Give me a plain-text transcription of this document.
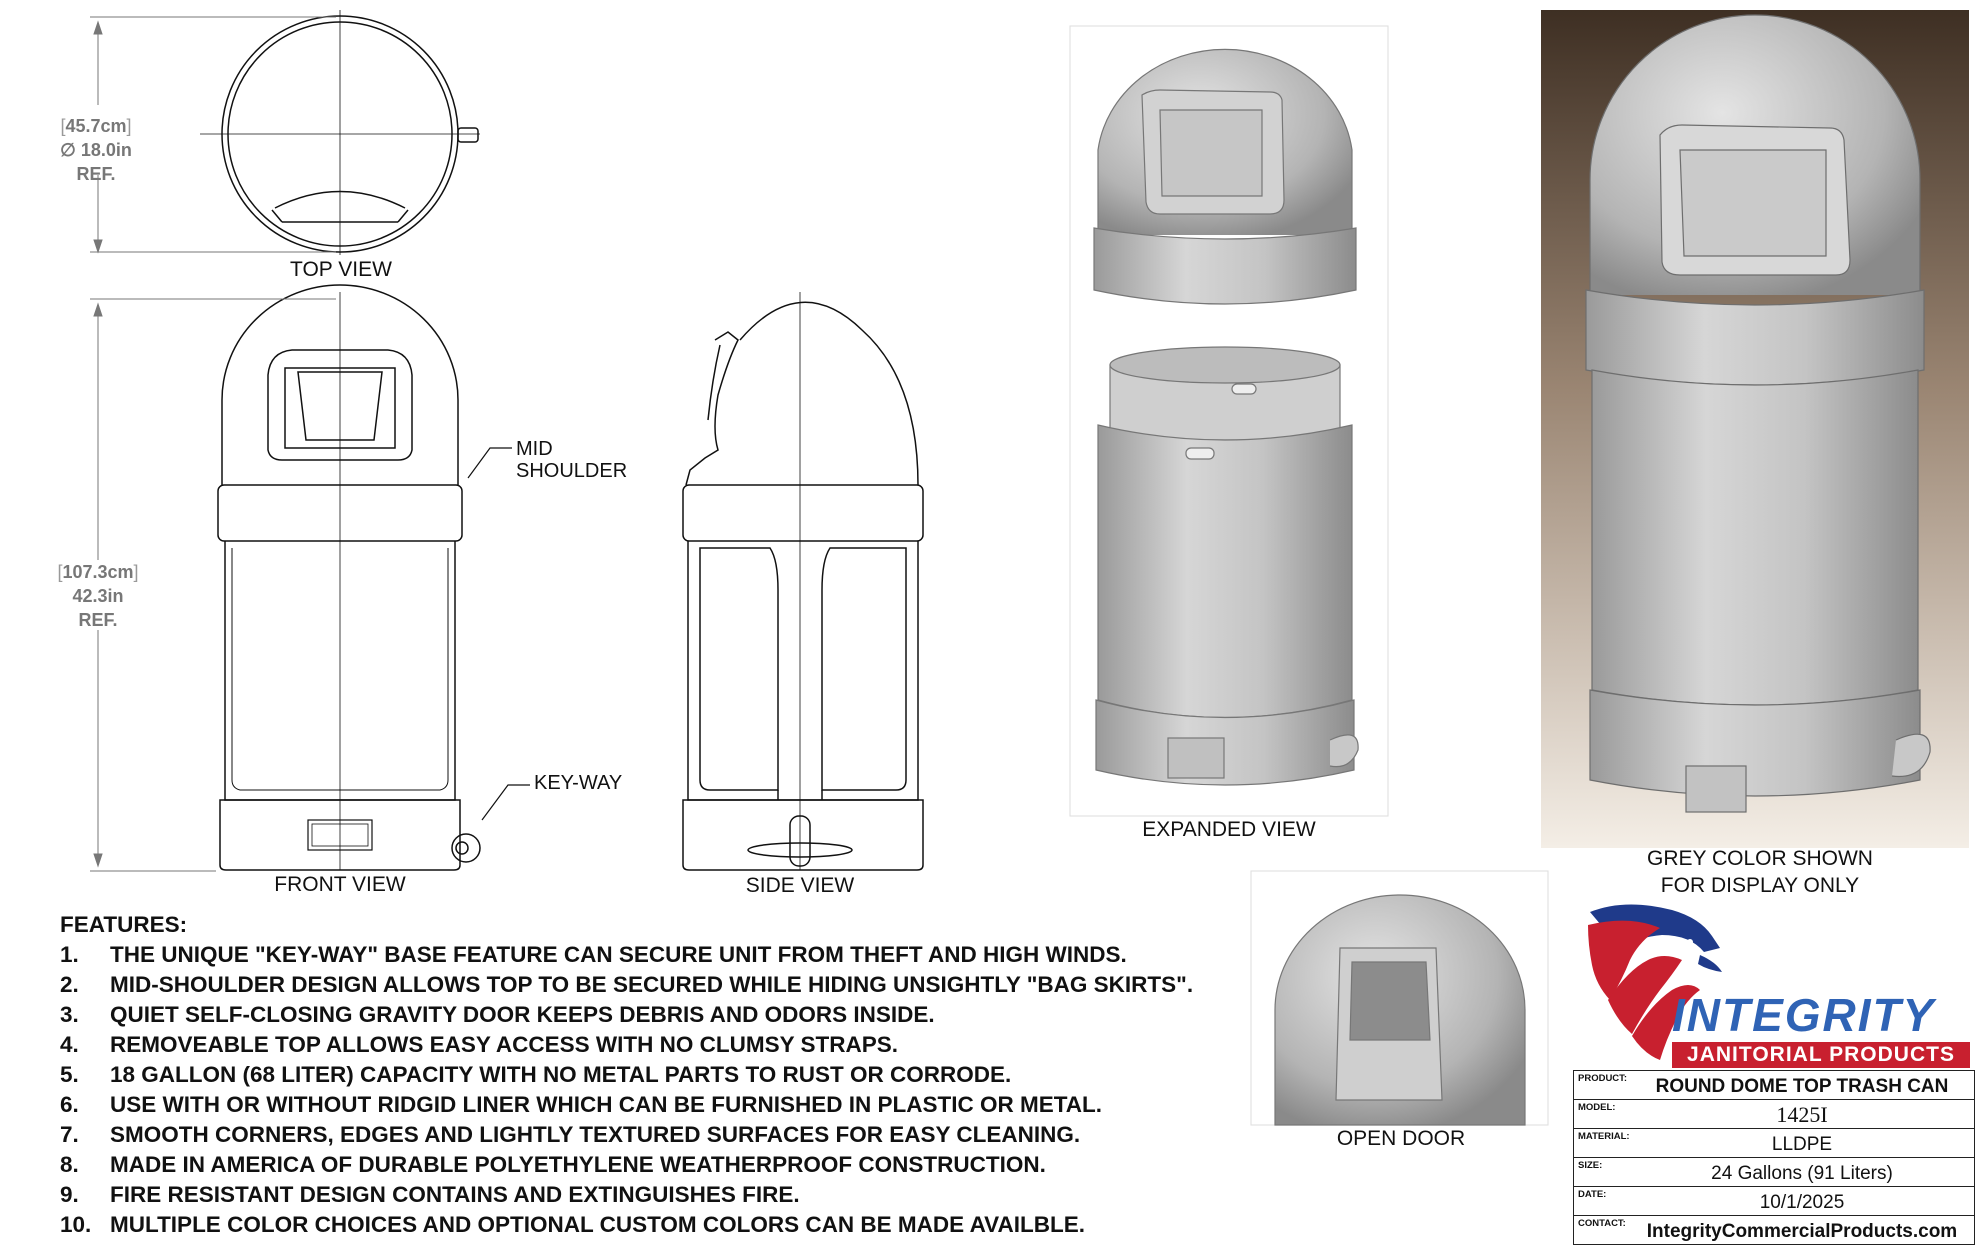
TOP VIEW
FRONT VIEW	SIDE VIEW
EXPANDED VIEW
OPEN DOOR
GREY COLOR SHOWN
FOR DISPLAY ONLY
[45.7cm]
∅ 18.0in
REF.
[107.3cm]
42.3in
REF.
MID
SHOULDER
KEY-WAY
FEATURES:
1.	THE UNIQUE "KEY-WAY" BASE FEATURE CAN SECURE UNIT FROM THEFT AND HIGH WINDS.
2.	MID-SHOULDER DESIGN ALLOWS TOP TO BE SECURED WHILE HIDING UNSIGHTLY "BAG SKIRTS".
3.	QUIET SELF-CLOSING GRAVITY DOOR KEEPS DEBRIS AND ODORS INSIDE.
4.	REMOVEABLE TOP ALLOWS EASY ACCESS WITH NO CLUMSY STRAPS.
5.	18 GALLON (68 LITER) CAPACITY WITH NO METAL PARTS TO RUST OR CORRODE.
6.	USE WITH OR WITHOUT RIDGID LINER WHICH CAN BE FURNISHED IN PLASTIC OR METAL.
7.	SMOOTH CORNERS, EDGES AND LIGHTLY TEXTURED SURFACES FOR EASY CLEANING.
8.	MADE IN AMERICA OF DURABLE POLYETHYLENE WEATHERPROOF CONSTRUCTION.
9.	FIRE RESISTANT DESIGN CONTAINS AND EXTINGUISHES FIRE.
10. MULTIPLE COLOR CHOICES AND OPTIONAL CUSTOM COLORS CAN BE MADE AVAILBLE.
INTEGRITY
JANITORIAL PRODUCTS
PRODUCT:	ROUND DOME TOP TRASH CAN
MODEL:	1425I
MATERIAL:	LLDPE
SIZE:	24 Gallons (91 Liters)
DATE:	10/1/2025
CONTACT:	IntegrityCommercialProducts.com
